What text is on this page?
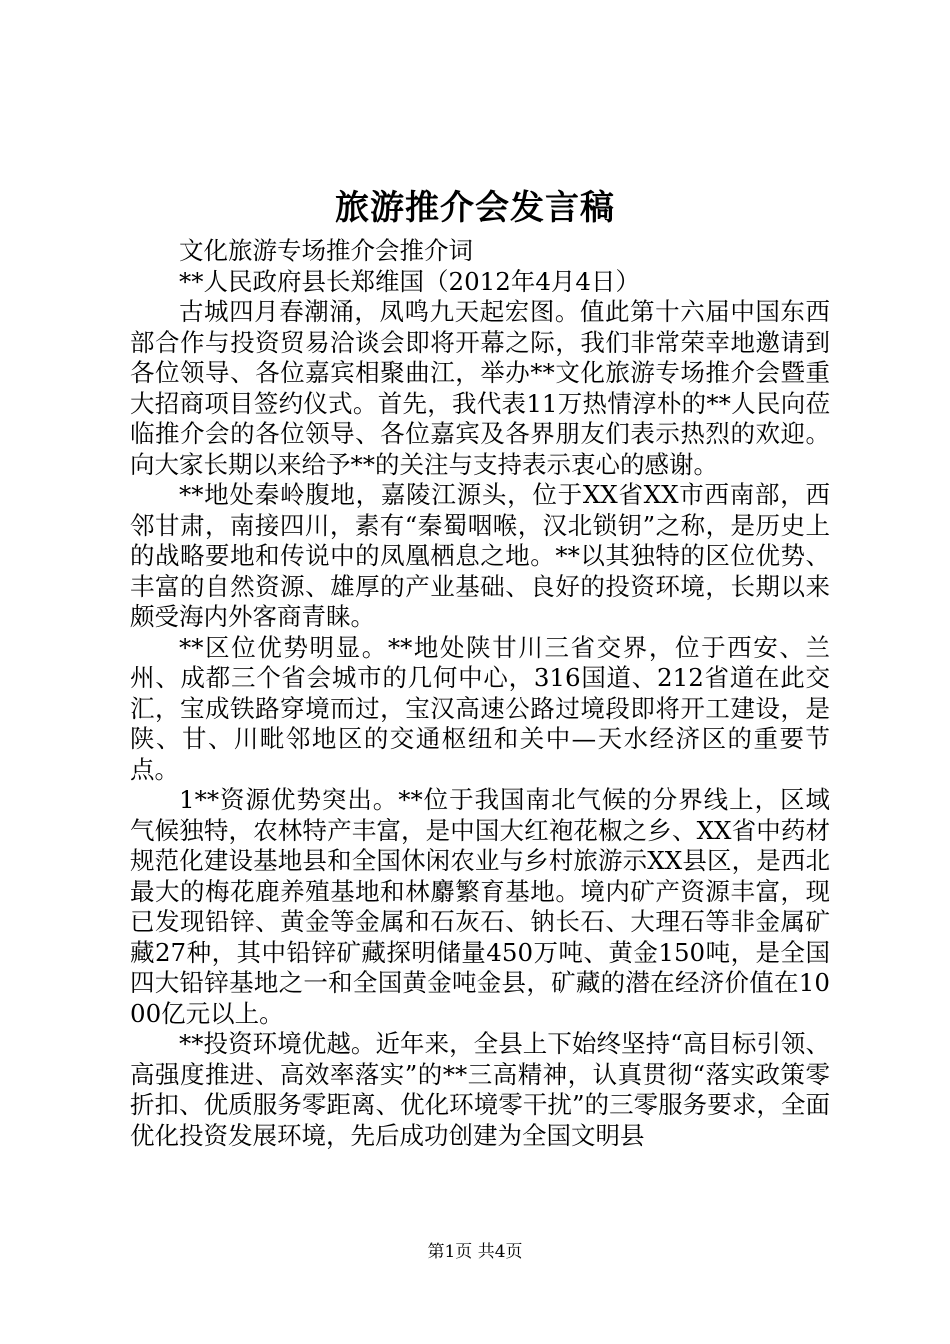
旅游推介会发言稿

文化旅游专场推介会推介词

**人民政府县长郑维国（2012年4月4日）

古城四月春潮涌，凤鸣九天起宏图。值此第十六届中国东西部合作与投资贸易洽谈会即将开幕之际，我们非常荣幸地邀请到各位领导、各位嘉宾相聚曲江，举办**文化旅游专场推介会暨重大招商项目签约仪式。首先，我代表11万热情淳朴的**人民向莅临推介会的各位领导、各位嘉宾及各界朋友们表示热烈的欢迎。向大家长期以来给予**的关注与支持表示衷心的感谢。

**地处秦岭腹地，嘉陵江源头，位于XX省XX市西南部，西邻甘肃，南接四川，素有“秦蜀咽喉，汉北锁钥”之称，是历史上的战略要地和传说中的凤凰栖息之地。**以其独特的区位优势、丰富的自然资源、雄厚的产业基础、良好的投资环境，长期以来颇受海内外客商青睐。

**区位优势明显。**地处陕甘川三省交界，位于西安、兰州、成都三个省会城市的几何中心，316国道、212省道在此交汇，宝成铁路穿境而过，宝汉高速公路过境段即将开工建设，是陕、甘、川毗邻地区的交通枢纽和关中—天水经济区的重要节点。

1**资源优势突出。**位于我国南北气候的分界线上，区域气候独特，农林特产丰富，是中国大红袍花椒之乡、XX省中药材规范化建设基地县和全国休闲农业与乡村旅游示XX县区，是西北最大的梅花鹿养殖基地和林麝繁育基地。境内矿产资源丰富，现已发现铅锌、黄金等金属和石灰石、钠长石、大理石等非金属矿藏27种，其中铅锌矿藏探明储量450万吨、黄金150吨，是全国四大铅锌基地之一和全国黄金吨金县，矿藏的潜在经济价值在1000亿元以上。

**投资环境优越。近年来，全县上下始终坚持“高目标引领、高强度推进、高效率落实”的**三高精神，认真贯彻“落实政策零折扣、优质服务零距离、优化环境零干扰”的三零服务要求，全面优化投资发展环境，先后成功创建为全国文明县

第1页 共4页
